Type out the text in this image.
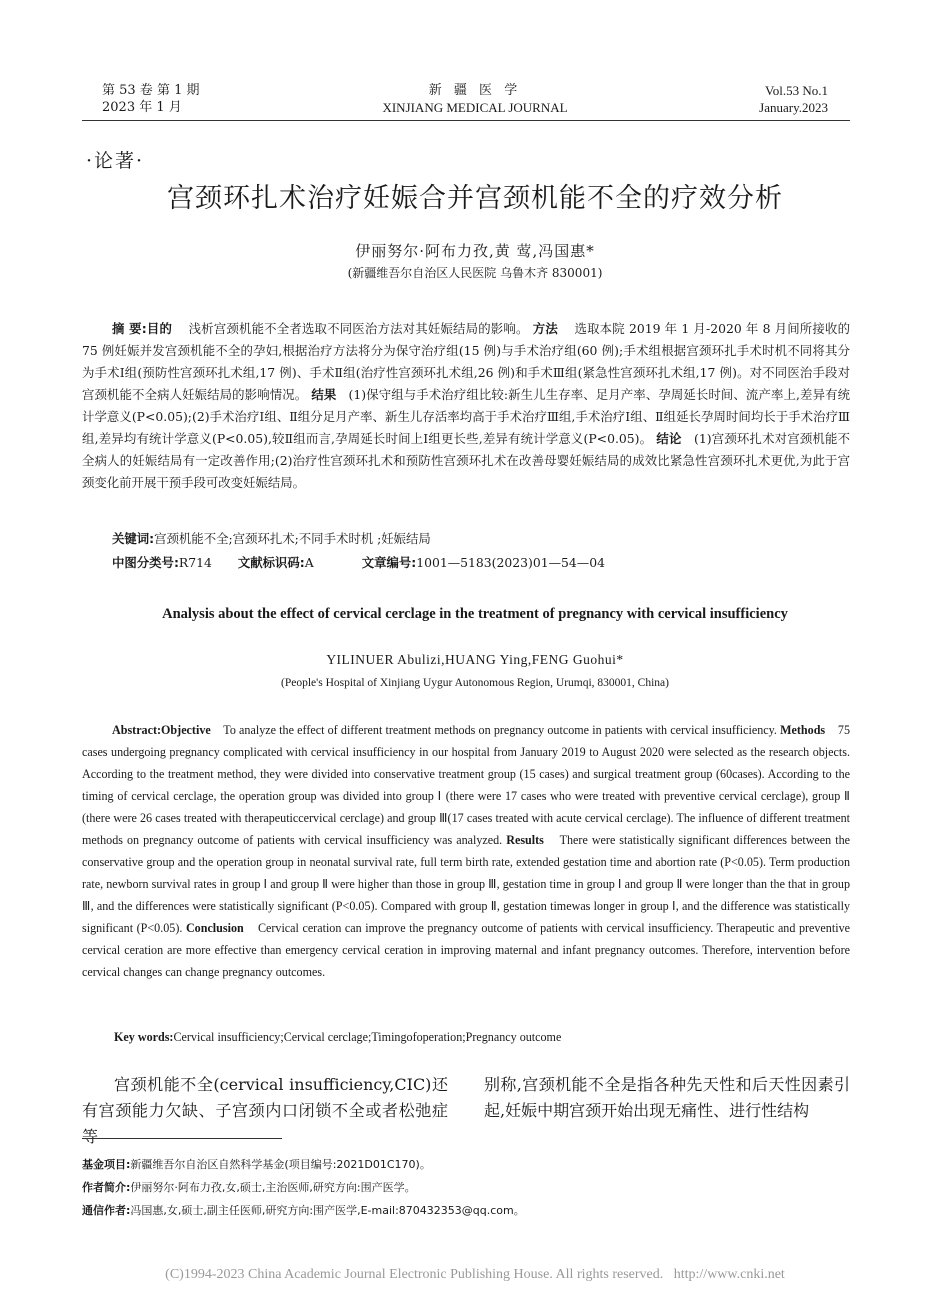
第 53 卷 第 1 期
2023 年 1 月
新 疆 医 学
XINJIANG MEDICAL JOURNAL
Vol.53 No.1
January.2023
·论著·
宫颈环扎术治疗妊娠合并宫颈机能不全的疗效分析
伊丽努尔·阿布力孜,黄 莺,冯国惠*
(新疆维吾尔自治区人民医院 乌鲁木齐 830001)
摘 要:目的 浅析宫颈机能不全者选取不同医治方法对其妊娠结局的影响。 方法 选取本院 2019 年 1 月-2020 年 8 月间所接收的 75 例妊娠并发宫颈机能不全的孕妇,根据治疗方法将分为保守治疗组(15 例)与手术治疗组(60 例);手术组根据宫颈环扎手术时机不同将其分为手术Ⅰ组(预防性宫颈环扎术组,17 例)、手术Ⅱ组(治疗性宫颈环扎术组,26 例)和手术Ⅲ组(紧急性宫颈环扎术组,17 例)。对不同医治手段对宫颈机能不全病人妊娠结局的影响情况。 结果 (1)保守组与手术治疗组比较:新生儿生存率、足月产率、孕周延长时间、流产率上,差异有统计学意义(P<0.05);(2)手术治疗Ⅰ组、Ⅱ组分足月产率、新生儿存活率均高于手术治疗Ⅲ组,手术治疗Ⅰ组、Ⅱ组延长孕周时间均长于手术治疗Ⅲ组,差异均有统计学意义(P<0.05),较Ⅱ组而言,孕周延长时间上Ⅰ组更长些,差异有统计学意义(P<0.05)。 结论 (1)宫颈环扎术对宫颈机能不全病人的妊娠结局有一定改善作用;(2)治疗性宫颈环扎术和预防性宫颈环扎术在改善母婴妊娠结局的成效比紧急性宫颈环扎术更优,为此于宫颈变化前开展干预手段可改变妊娠结局。
关键词:宫颈机能不全;宫颈环扎术;不同手术时机 ;妊娠结局
中图分类号:R714 文献标识码:A	文章编号:1001—5183(2023)01—54—04
Analysis about the effect of cervical cerclage in the treatment of pregnancy with cervical insufficiency
YILINUER Abulizi,HUANG Ying,FENG Guohui*
(People's Hospital of Xinjiang Uygur Autonomous Region, Urumqi, 830001, China)
Abstract:Objective To analyze the effect of different treatment methods on pregnancy outcome in patients with cervical insufficiency. Methods 75 cases undergoing pregnancy complicated with cervical insufficiency in our hospital from January 2019 to August 2020 were selected as the research objects. According to the treatment method, they were divided into conservative treatment group (15 cases) and surgical treatment group (60cases). According to the timing of cervical cerclage, the operation group was divided into group Ⅰ (there were 17 cases who were treated with preventive cervical cerclage), group Ⅱ (there were 26 cases treated with therapeuticcervical cerclage) and group Ⅲ(17 cases treated with acute cervical cerclage). The influence of different treatment methods on pregnancy outcome of patients with cervical insufficiency was analyzed. Results There were statistically significant differences between the conservative group and the operation group in neonatal survival rate, full term birth rate, extended gestation time and abortion rate (P<0.05). Term production rate, newborn survival rates in group Ⅰ and group Ⅱ were higher than those in group Ⅲ, gestation time in group Ⅰ and group Ⅱ were longer than the that in group Ⅲ, and the differences were statistically significant (P<0.05). Compared with group Ⅱ, gestation timewas longer in group Ⅰ, and the difference was statistically significant (P<0.05). Conclusion Cervical ceration can improve the pregnancy outcome of patients with cervical insufficiency. Therapeutic and preventive cervical ceration are more effective than emergency cervical ceration in improving maternal and infant pregnancy outcomes. Therefore, intervention before cervical changes can change pregnancy outcomes.
Key words:Cervical insufficiency;Cervical cerclage;Timingofoperation;Pregnancy outcome
宫颈机能不全(cervical insufficiency,CIC)还有宫颈能力欠缺、子宫颈内口闭锁不全或者松弛症等
别称,宫颈机能不全是指各种先天性和后天性因素引起,妊娠中期宫颈开始出现无痛性、进行性结构
基金项目:新疆维吾尔自治区自然科学基金(项目编号:2021D01C170)。
作者简介:伊丽努尔·阿布力孜,女,硕士,主治医师,研究方向:围产医学。
通信作者:冯国惠,女,硕士,副主任医师,研究方向:围产医学,E-mail:870432353@qq.com。
(C)1994-2023 China Academic Journal Electronic Publishing House. All rights reserved.   http://www.cnki.net
